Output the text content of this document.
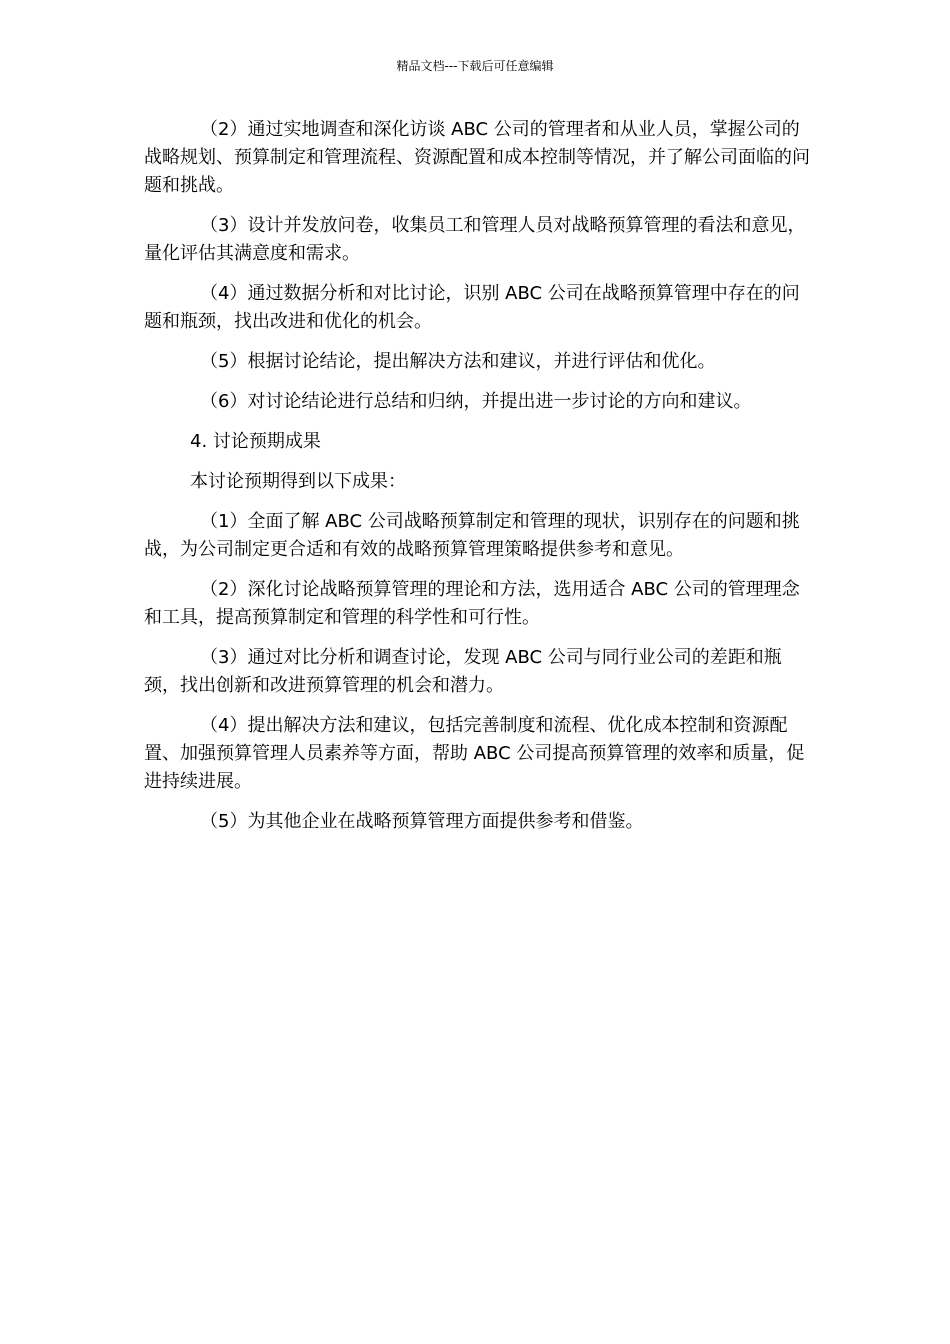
精品文档---下载后可任意编辑

（2）通过实地调查和深化访谈 ABC 公司的管理者和从业人员，掌握公司的战略规划、预算制定和管理流程、资源配置和成本控制等情况，并了解公司面临的问题和挑战。

（3）设计并发放问卷，收集员工和管理人员对战略预算管理的看法和意见，量化评估其满意度和需求。

（4）通过数据分析和对比讨论，识别 ABC 公司在战略预算管理中存在的问题和瓶颈，找出改进和优化的机会。

（5）根据讨论结论，提出解决方法和建议，并进行评估和优化。

（6）对讨论结论进行总结和归纳，并提出进一步讨论的方向和建议。

4. 讨论预期成果

本讨论预期得到以下成果：

（1）全面了解 ABC 公司战略预算制定和管理的现状，识别存在的问题和挑战，为公司制定更合适和有效的战略预算管理策略提供参考和意见。

（2）深化讨论战略预算管理的理论和方法，选用适合 ABC 公司的管理理念和工具，提高预算制定和管理的科学性和可行性。

（3）通过对比分析和调查讨论，发现 ABC 公司与同行业公司的差距和瓶颈，找出创新和改进预算管理的机会和潜力。

（4）提出解决方法和建议，包括完善制度和流程、优化成本控制和资源配置、加强预算管理人员素养等方面，帮助 ABC 公司提高预算管理的效率和质量，促进持续进展。

（5）为其他企业在战略预算管理方面提供参考和借鉴。
